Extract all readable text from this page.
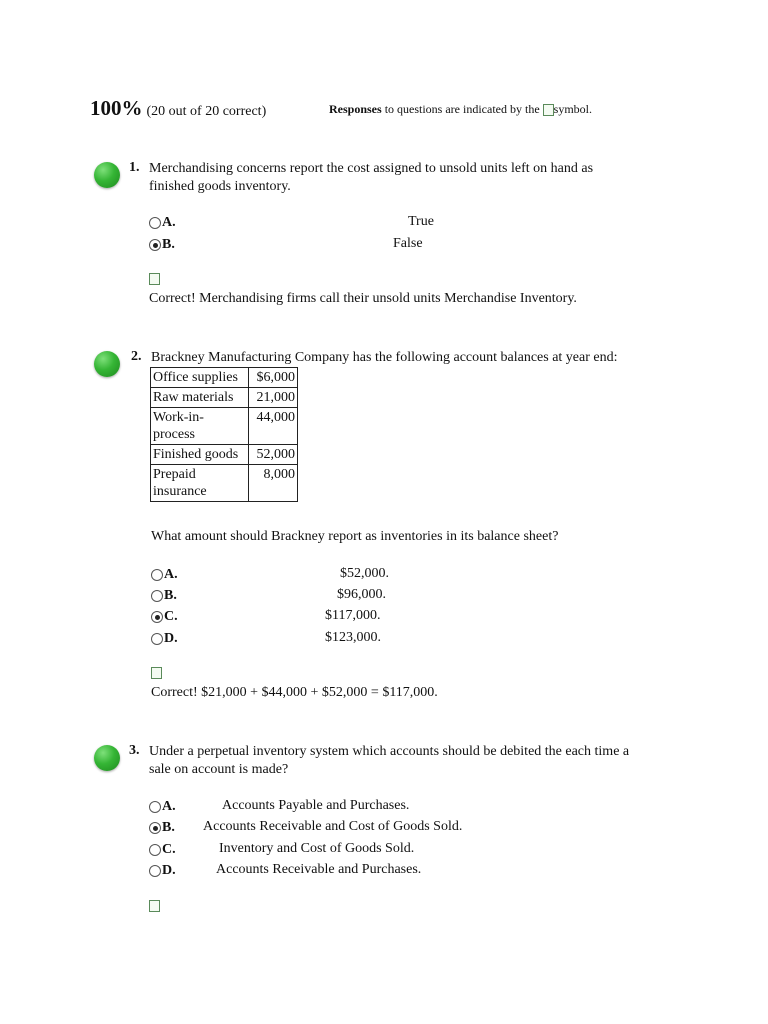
100% (20 out of 20 correct)	Responses to questions are indicated by the symbol.
1. Merchandising concerns report the cost assigned to unsold units left on hand as
finished goods inventory.
A.	True
B.	False
Correct! Merchandising firms call their unsold units Merchandise Inventory.
2. Brackney Manufacturing Company has the following account balances at year end:
Office supplies	$6,000
Raw materials	21,000
Work-in-process	44,000
Finished goods	52,000
Prepaid insurance	8,000
What amount should Brackney report as inventories in its balance sheet?
A.	$52,000.
B.	$96,000.
C.	$117,000.
D.	$123,000.
Correct! $21,000 + $44,000 + $52,000 = $117,000.
3. Under a perpetual inventory system which accounts should be debited the each time a
sale on account is made?
A.	Accounts Payable and Purchases.
B. Accounts Receivable and Cost of Goods Sold.
C.	Inventory and Cost of Goods Sold.
D.	Accounts Receivable and Purchases.
